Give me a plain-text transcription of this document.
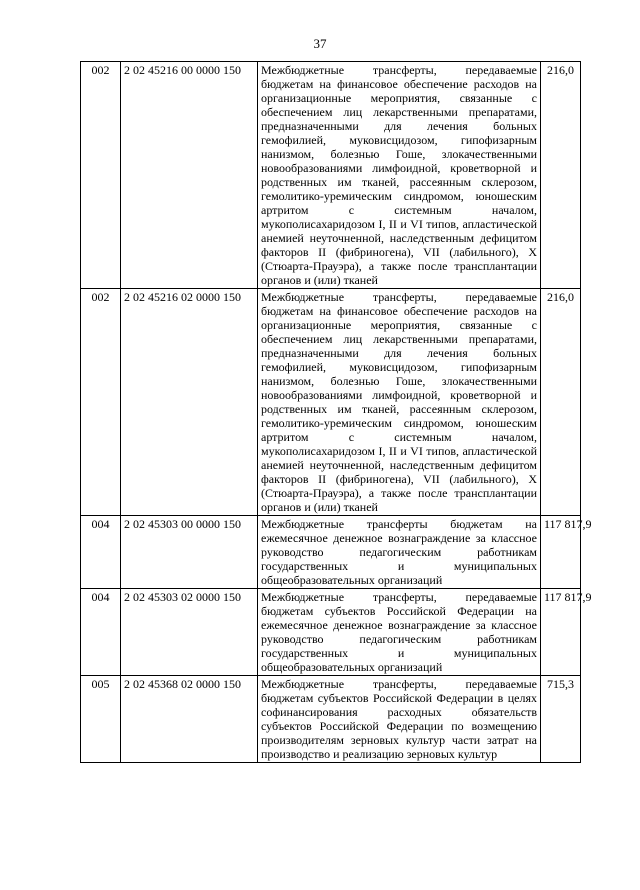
37
002	2 02 45216 00 0000 150	Межбюджетные трансферты, передаваемые бюджетам на финансовое обеспечение расходов на организационные мероприятия, связанные с обеспечением лиц лекарственными препаратами, предназначенными для лечения больных гемофилией, муковисцидозом, гипофизарным нанизмом, болезнью Гоше, злокачественными новообразованиями лимфоидной, кроветворной и родственных им тканей, рассеянным склерозом, гемолитико-уремическим синдромом, юношеским артритом с системным началом, мукополисахаридозом I, II и VI типов, апластической анемией неуточненной, наследственным дефицитом факторов II (фибриногена), VII (лабильного), X (Стюарта-Прауэра), а также после трансплантации органов и (или) тканей	216,0
002	2 02 45216 02 0000 150	Межбюджетные трансферты, передаваемые бюджетам на финансовое обеспечение расходов на организационные мероприятия, связанные с обеспечением лиц лекарственными препаратами, предназначенными для лечения больных гемофилией, муковисцидозом, гипофизарным нанизмом, болезнью Гоше, злокачественными новообразованиями лимфоидной, кроветворной и родственных им тканей, рассеянным склерозом, гемолитико-уремическим синдромом, юношеским артритом с системным началом, мукополисахаридозом I, II и VI типов, апластической анемией неуточненной, наследственным дефицитом факторов II (фибриногена), VII (лабильного), X (Стюарта-Прауэра), а также после трансплантации органов и (или) тканей	216,0
004	2 02 45303 00 0000 150	Межбюджетные трансферты бюджетам на ежемесячное денежное вознаграждение за классное руководство педагогическим работникам государственных и муниципальных общеобразовательных организаций	117 817,9
004	2 02 45303 02 0000 150	Межбюджетные трансферты, передаваемые бюджетам субъектов Российской Федерации на ежемесячное денежное вознаграждение за классное руководство педагогическим работникам государственных и муниципальных общеобразовательных организаций	117 817,9
005	2 02 45368 02 0000 150	Межбюджетные трансферты, передаваемые бюджетам субъектов Российской Федерации в целях софинансирования расходных обязательств субъектов Российской Федерации по возмещению производителям зерновых культур части затрат на производство и реализацию зерновых культур	715,3
